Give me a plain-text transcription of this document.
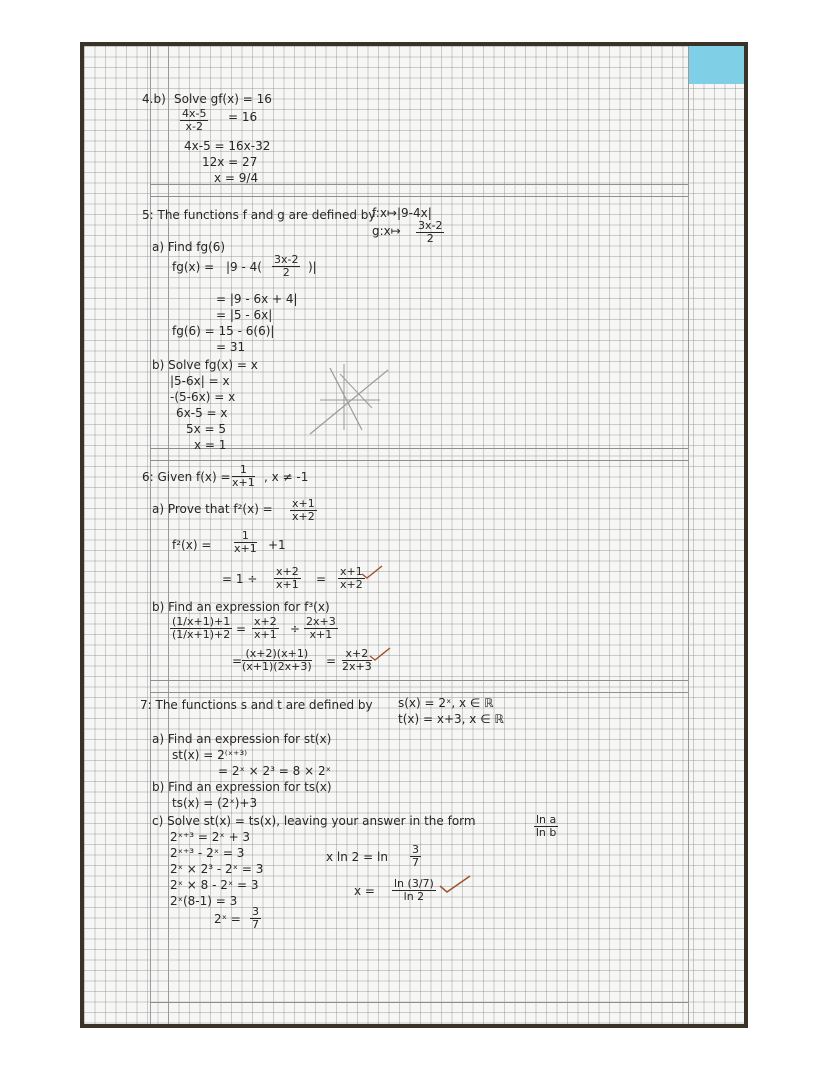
4.b) Solve gf(x) = 16
$\frac{4x-5}{x-2} = 16$
4x-5 = 16x-32
12x = 27
x = 9/4
5: The functions f and g are defined by
f:x↦|9-4x|
g:x↦ $\frac{3x-2}{2}$
a) Find fg(6)
$fg(x) = |9 - 4( \frac{3x-2}{2}$ )|
= |9 - 6x + 4|
= |5 - 6x|
fg(6) = 15 - 6(6)|
= 31
b) Solve fg(x) = x
|5-6x| = x
-(5-6x) = x
6x-5 = x
5x = 5
x = 1
6: Given $f(x) = \frac{1}{x+1}$ , x ≠ -1
a) Prove that $f^2(x) = \frac{x+1}{x+2}$
$f^2(x) = \frac{1}{x+1} +1$
= $1 \div \frac{x+2}{x+1} = \frac{x+1}{x+2}$
b) Find an expression for f³(x)
$\frac{(1/x+1)+1}{(1/x+1)+2} = \frac{x+2}{x+1} \div \frac{2x+3}{x+1}$
= $\frac{(x+2)(x+1)}{(x+1)(2x+3)} = \frac{x+2}{2x+3}$
7: The functions s and t are defined by s(x) = 2ˣ, x ∈ ℝ
t(x) = x+3, x ∈ ℝ
a) Find an expression for st(x)
st(x) = 2⁽ˣ⁺³⁾
= 2ˣ × 2³ = 8 × 2ˣ
b) Find an expression for ts(x)
ts(x) = (2ˣ)+3
c) Solve st(x) = ts(x), leaving your answer in the form	$\frac{\text{ln a}}{\text{ln b}}$
2ˣ⁺³ = 2ˣ + 3
2ˣ⁺³ - 2ˣ = 3
2ˣ × 2³ - 2ˣ = 3
2ˣ × 8 - 2ˣ = 3
2ˣ(8-1) = 3
2ˣ = $\frac{3}{7}$
x $\ln 2 = \ln \frac{3}{7}$
$x = \frac{\ln (3/7)}{\ln 2}$
